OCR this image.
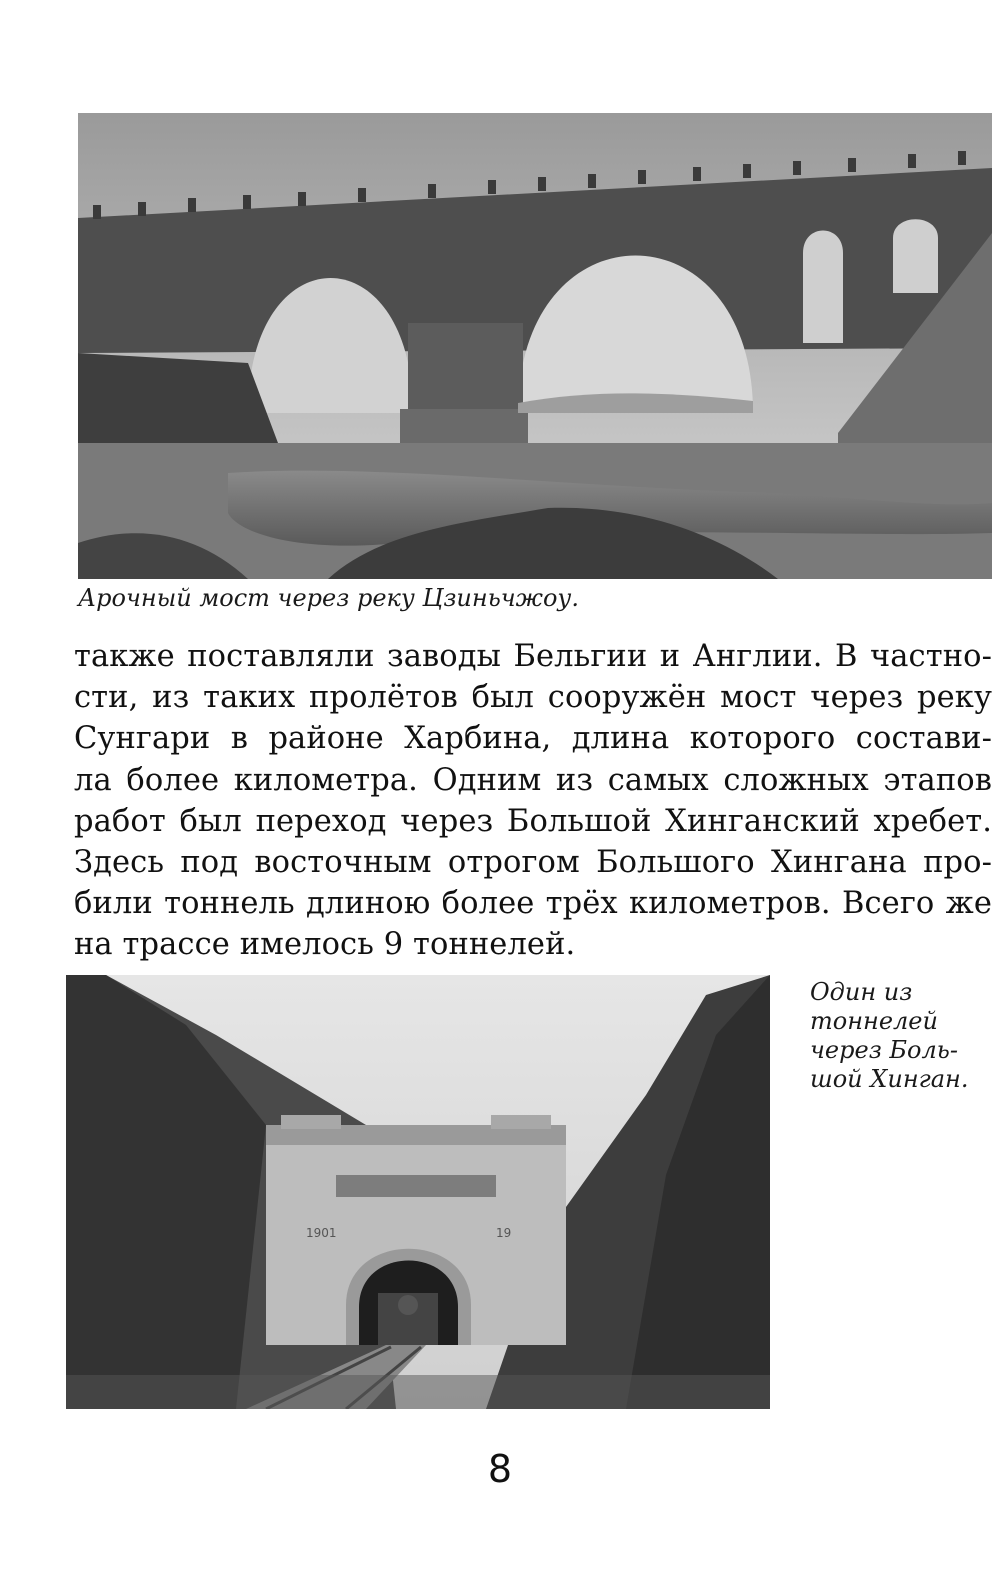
Арочный мост через реку Цзиньчжоу.
также поставляли заводы Бельгии и Англии. В частно-
сти, из таких пролётов был сооружён мост через реку
Сунгари в районе Харбина, длина которого состави-
ла более километра. Одним из самых сложных этапов
работ был переход через Большой Хинганский хребет.
Здесь под восточным отрогом Большого Хингана про-
били тоннель длиною более трёх километров. Всего же
на трассе имелось 9 тоннелей.
1901	19
Один из
тоннелей
через Боль-
шой Хинган.
8
